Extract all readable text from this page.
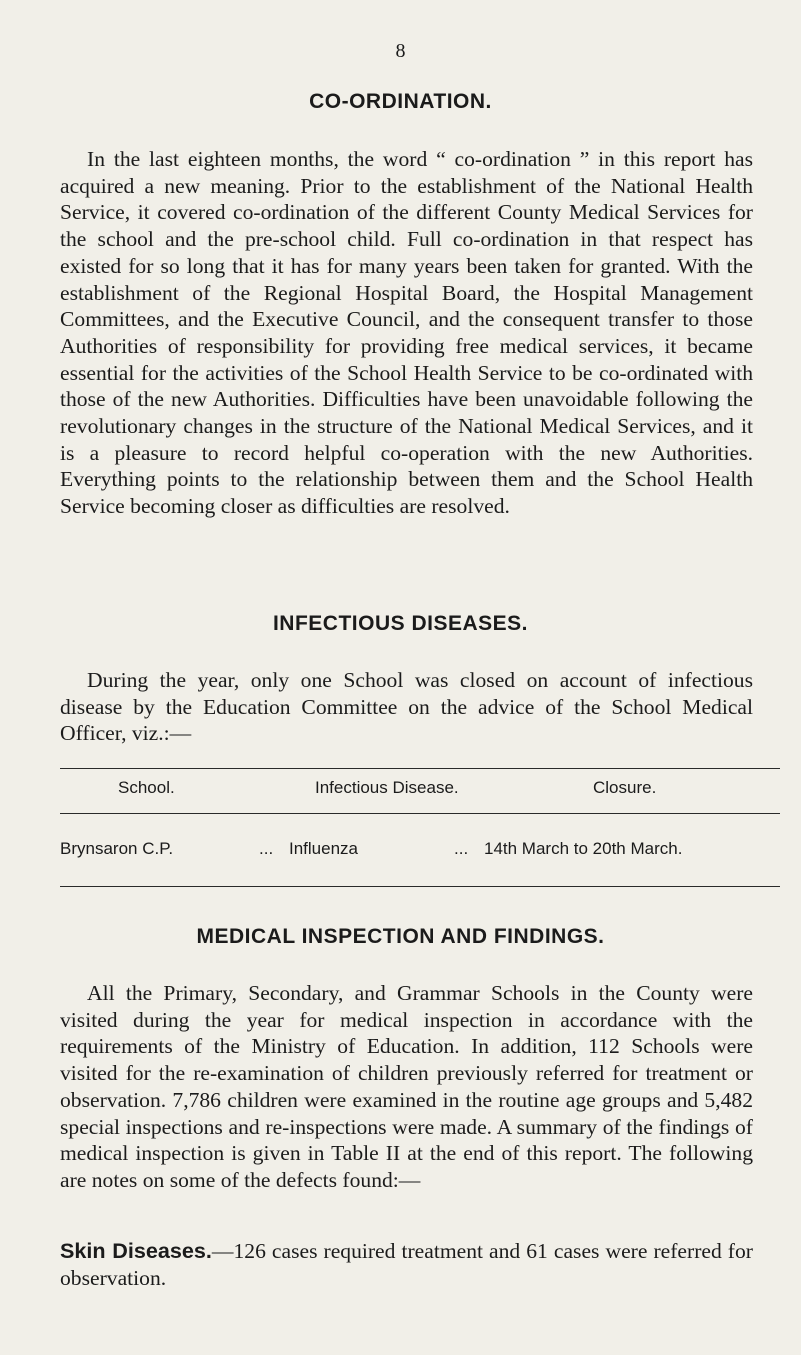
8
CO-ORDINATION.

In the last eighteen months, the word “ co-ordination ” in this report has acquired a new meaning. Prior to the establishment of the National Health Service, it covered co-ordination of the different County Medical Services for the school and the pre-school child. Full co-ordination in that respect has existed for so long that it has for many years been taken for granted. With the establishment of the Regional Hospital Board, the Hospital Management Committees, and the Executive Council, and the consequent transfer to those Authorities of responsibility for providing free medical services, it became essential for the activities of the School Health Service to be co-ordinated with those of the new Authorities. Difficulties have been unavoidable following the revolutionary changes in the structure of the National Medical Services, and it is a pleasure to record helpful co-operation with the new Authorities. Everything points to the relationship between them and the School Health Service becoming closer as difficulties are resolved.

INFECTIOUS DISEASES.

During the year, only one School was closed on account of infectious disease by the Education Committee on the advice of the School Medical Officer, viz.:—

School.	Infectious Disease.	Closure.
Brynsaron C.P.	... Influenza	... 14th March to 20th March.
MEDICAL INSPECTION AND FINDINGS.

All the Primary, Secondary, and Grammar Schools in the County were visited during the year for medical inspection in accordance with the requirements of the Ministry of Education. In addition, 112 Schools were visited for the re-examination of children previously referred for treatment or observation. 7,786 children were examined in the routine age groups and 5,482 special inspections and re-inspections were made. A summary of the findings of medical inspection is given in Table II at the end of this report. The following are notes on some of the defects found:—

Skin Diseases.—126 cases required treatment and 61 cases were referred for observation.
